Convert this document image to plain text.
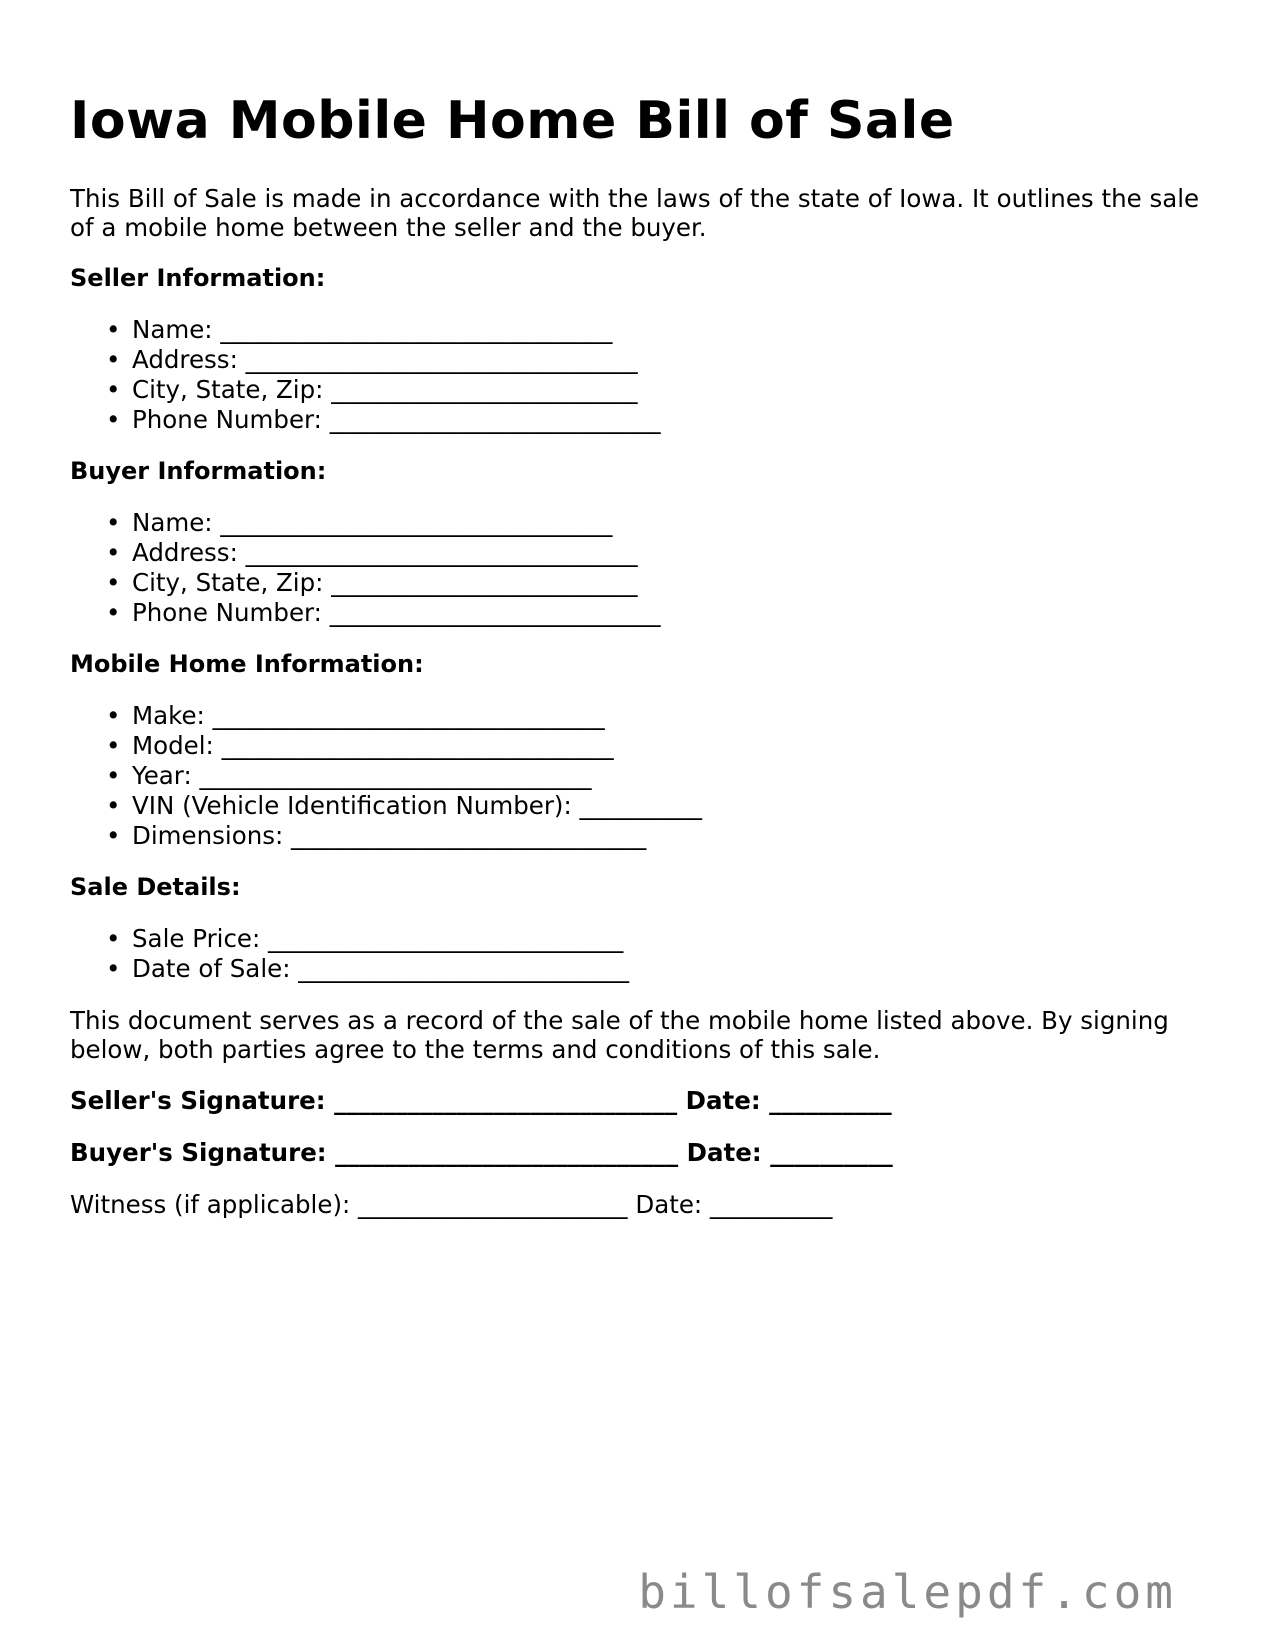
Iowa Mobile Home Bill of Sale

This Bill of Sale is made in accordance with the laws of the state of Iowa. It outlines the sale of a mobile home between the seller and the buyer.

Seller Information:
• Name: ________________________________
• Address: ________________________________
• City, State, Zip: _________________________
• Phone Number: ___________________________
Buyer Information:
• Name: ________________________________
• Address: ________________________________
• City, State, Zip: _________________________
• Phone Number: ___________________________
Mobile Home Information:
• Make: ________________________________
• Model: ________________________________
• Year: ________________________________
• VIN (Vehicle Identification Number): __________
• Dimensions: _____________________________
Sale Details:
• Sale Price: _____________________________
• Date of Sale: ___________________________

This document serves as a record of the sale of the mobile home listed above. By signing below, both parties agree to the terms and conditions of this sale.

Seller's Signature: ____________________________ Date: __________
Buyer's Signature: ____________________________ Date: __________
Witness (if applicable): ______________________ Date: __________
billofsalepdf.com
